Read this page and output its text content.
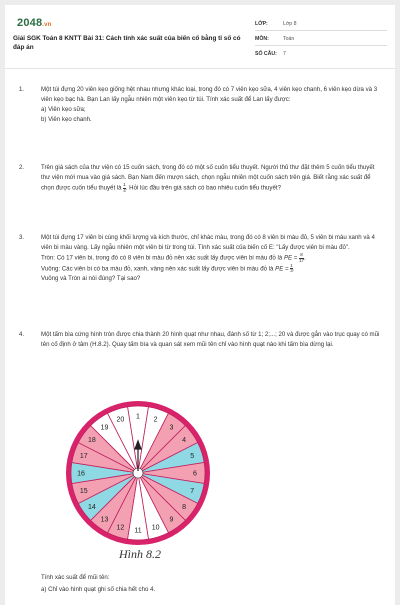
2048.vn
Giải SGK Toán 8 KNTT Bài 31: Cách tính xác suất của biến cố bằng tỉ số có đáp án
LỚP:	Lớp 8
MÔN:	Toán
SỐ CÂU: 7
1.	Một túi đựng 20 viên kẹo giống hệt nhau nhưng khác loại, trong đó có 7 viên kẹo sữa, 4 viên kẹo chanh, 6 viên kẹo dừa và 3 viên kẹo bạc hà. Bạn Lan lấy ngẫu nhiên một viên kẹo từ túi. Tính xác suất để Lan lấy được:

a) Viên kẹo sữa;

b) Viên kẹo chanh.

2.	Trên giá sách của thư viện có 15 cuốn sách, trong đó có một số cuốn tiểu thuyết. Người thủ thư đặt thêm 5 cuốn tiểu thuyết thư viện mới mua vào giá sách. Bạn Nam đến mượn sách, chọn ngẫu nhiên một cuốn sách trên giá. Biết rằng xác suất để chọn được cuốn tiểu thuyết là $\frac{1}{4}$ . Hỏi lúc đầu trên giá sách có bao nhiêu cuốn tiểu thuyết?

3.	Một túi đựng 17 viên bi cùng khối lượng và kích thước, chỉ khác màu, trong đó có 8 viên bi màu đỏ, 5 viên bi màu xanh và 4 viên bi màu vàng. Lấy ngẫu nhiên một viên bi từ trong túi. Tính xác suất của biến cố E: "Lấy được viên bi màu đỏ".

Tròn: Có 17 viên bi, trong đó có 8 viên bi màu đỏ nên xác suất lấy được viên bi màu đỏ là PE = $\frac{8}{17}$ .

Vuông: Các viên bi có ba màu đỏ, xanh, vàng nên xác suất lấy được viên bi màu đỏ là PE = $\frac{1}{3}$ .

Vuông và Tròn ai nói đúng? Tại sao?

4.	Một tấm bìa cứng hình tròn được chia thành 20 hình quạt như nhau, đánh số từ 1; 2;...; 20 và được gắn vào trục quay có mũi tên cố định ở tâm (H.8.2). Quay tấm bìa và quan sát xem mũi tên chỉ vào hình quạt nào khi tấm bìa dừng lại.

1 2
3
4
5
6
7
8
9
10
11
12
13
14
15
16
17
18
19
20
Hình 8.2
Tính xác suất để mũi tên:
a) Chỉ vào hình quạt ghi số chia hết cho 4.
